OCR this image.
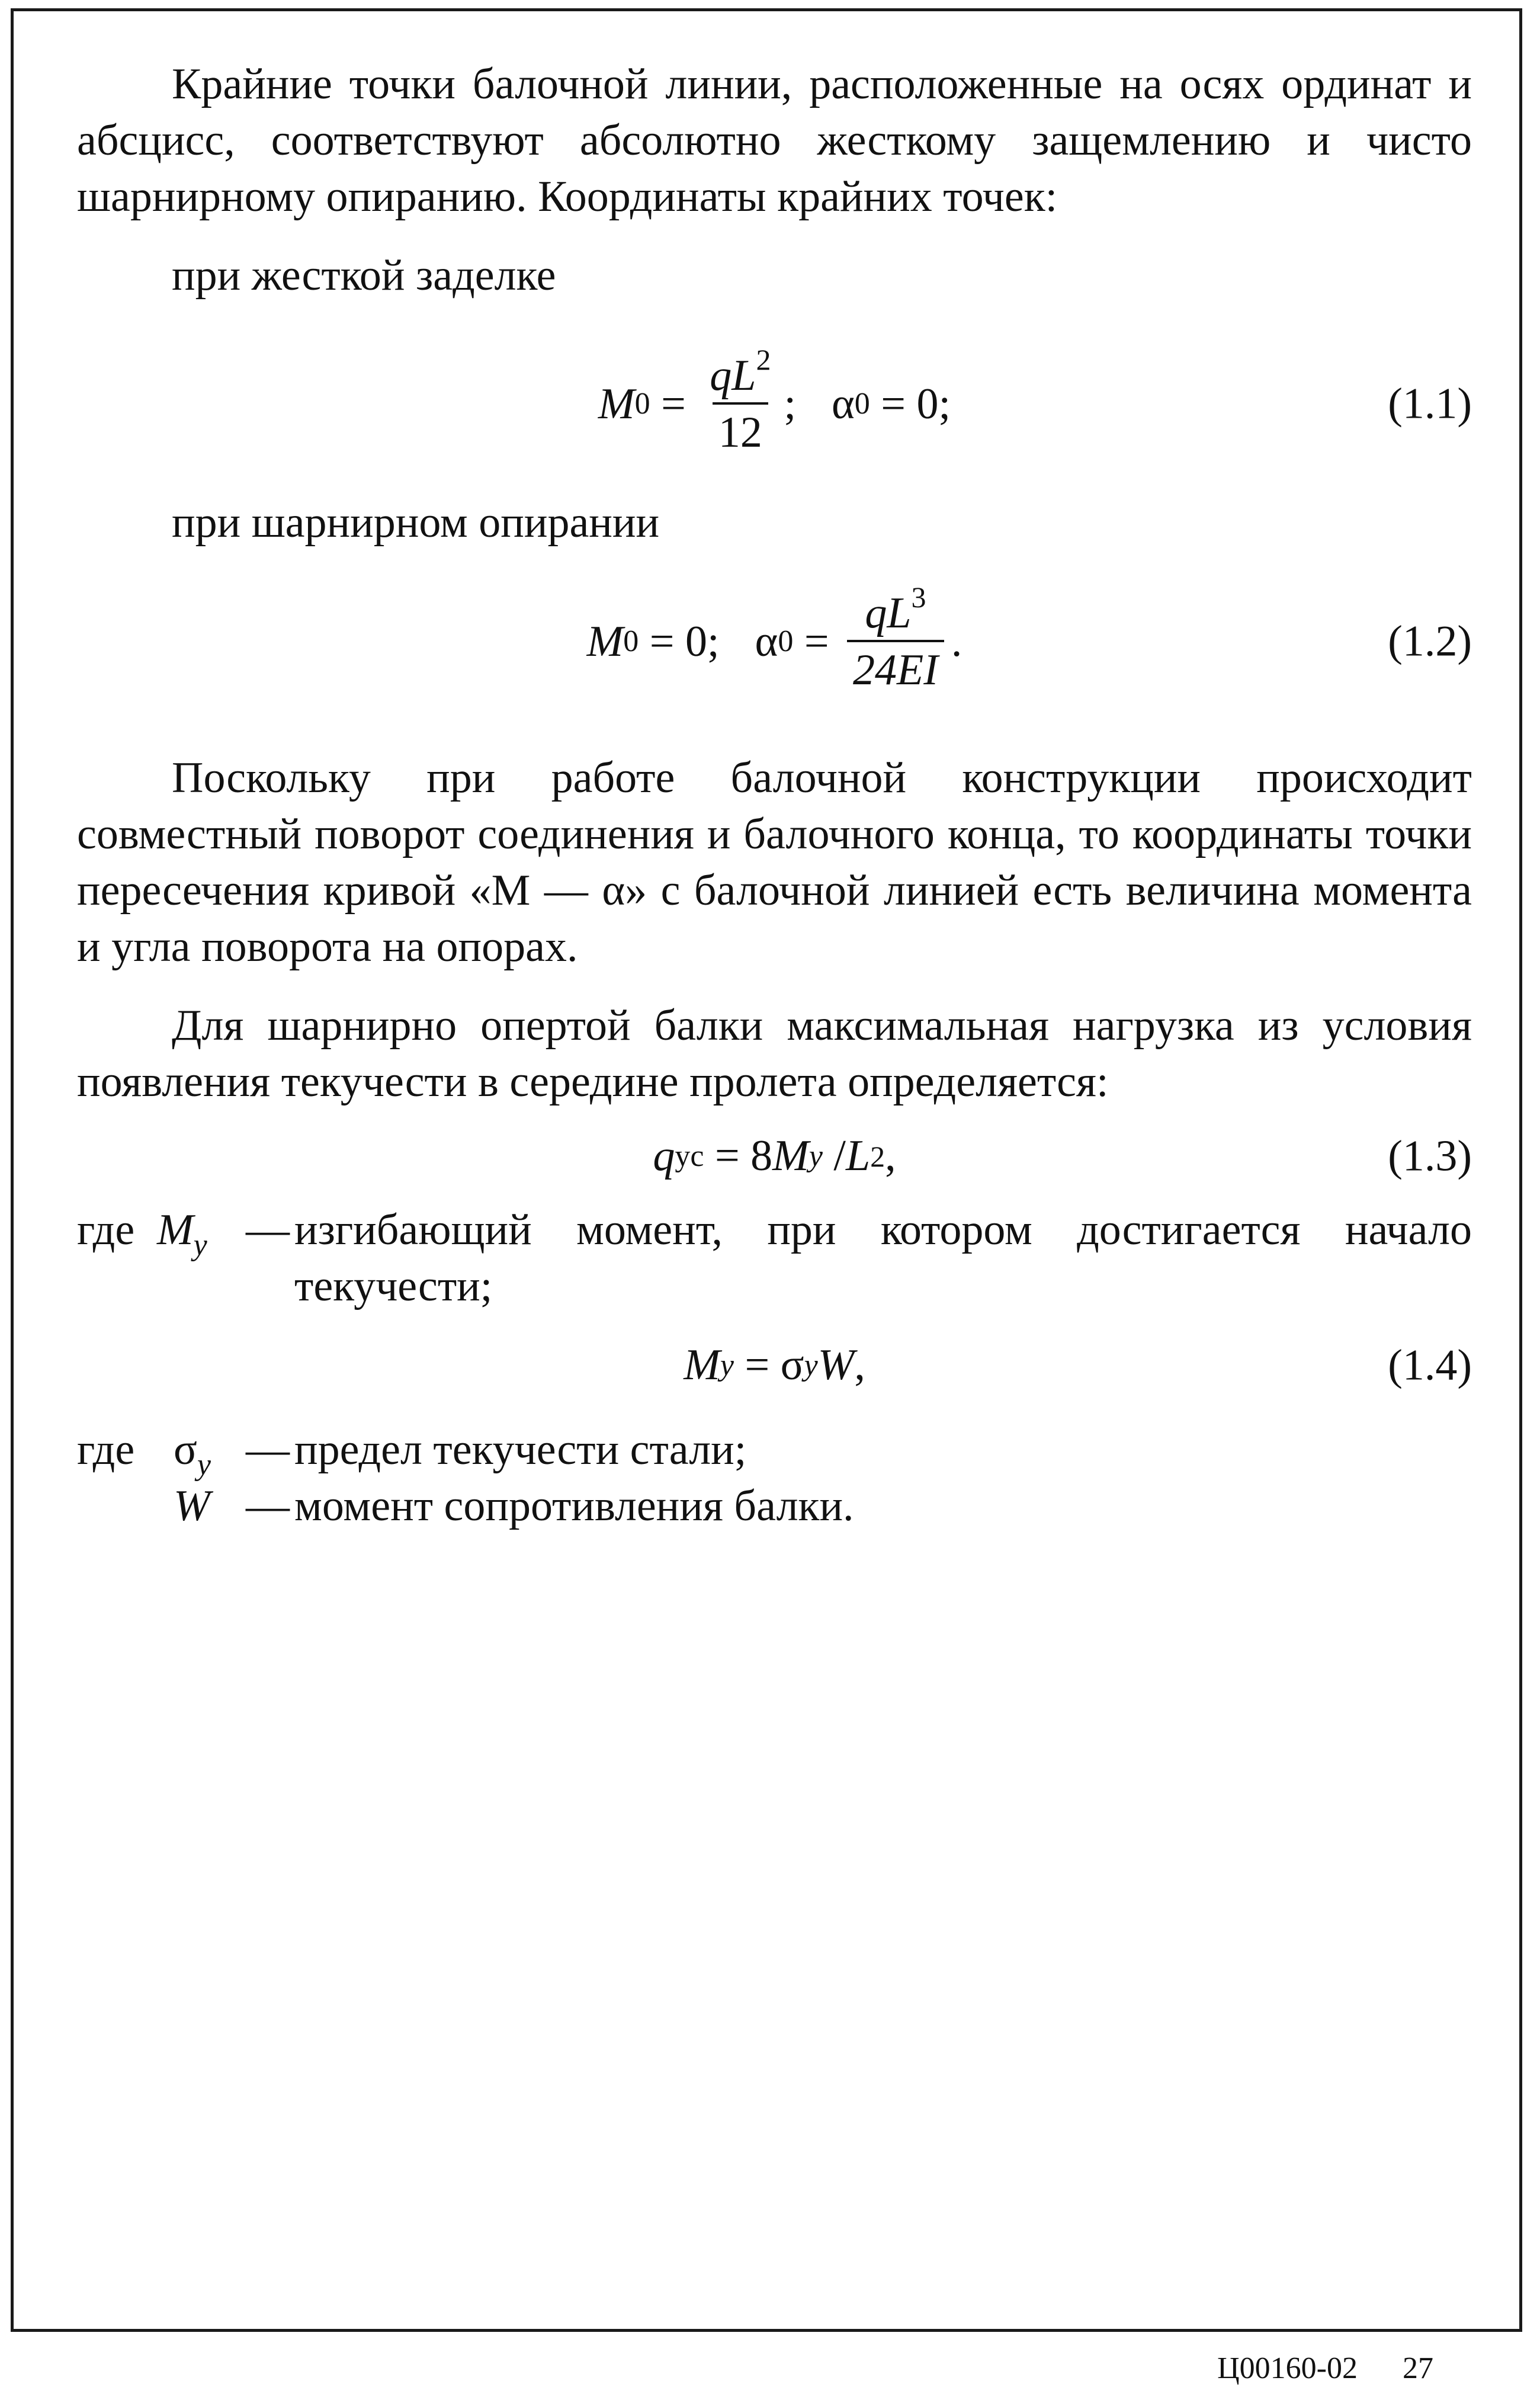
Крайние точки балочной линии, расположенные на осях ординат и абсцисс, соответствуют абсолютно жесткому защемлению и чисто шарнирному опиранию. Координаты крайних точек:

при жесткой заделке

M $0 = \frac{qL^2}{12}$ ; α 0 = 0;	(1.1)

при шарнирном опирании

M 0 = 0; α $0 = \frac{qL^3}{24EI}$ .	(1.2)

Поскольку при работе балочной конструкции происходит совместный поворот соединения и балочного конца, то координаты точки пересечения кривой «M — α» с балочной линией есть величина момента и угла поворота на опорах.

Для шарнирно опертой балки максимальная нагрузка из условия появления текучести в середине пролета определяется:

q ус = 8 M y / L 2 ,	(1.3)
где $M_y$ — изгибающий момент, при котором достигается начало текучести;
M y = σ y W ,	(1.4)
где $\sigma_y$ — предел текучести стали;
W — момент сопротивления балки.
Ц00160-02 27
